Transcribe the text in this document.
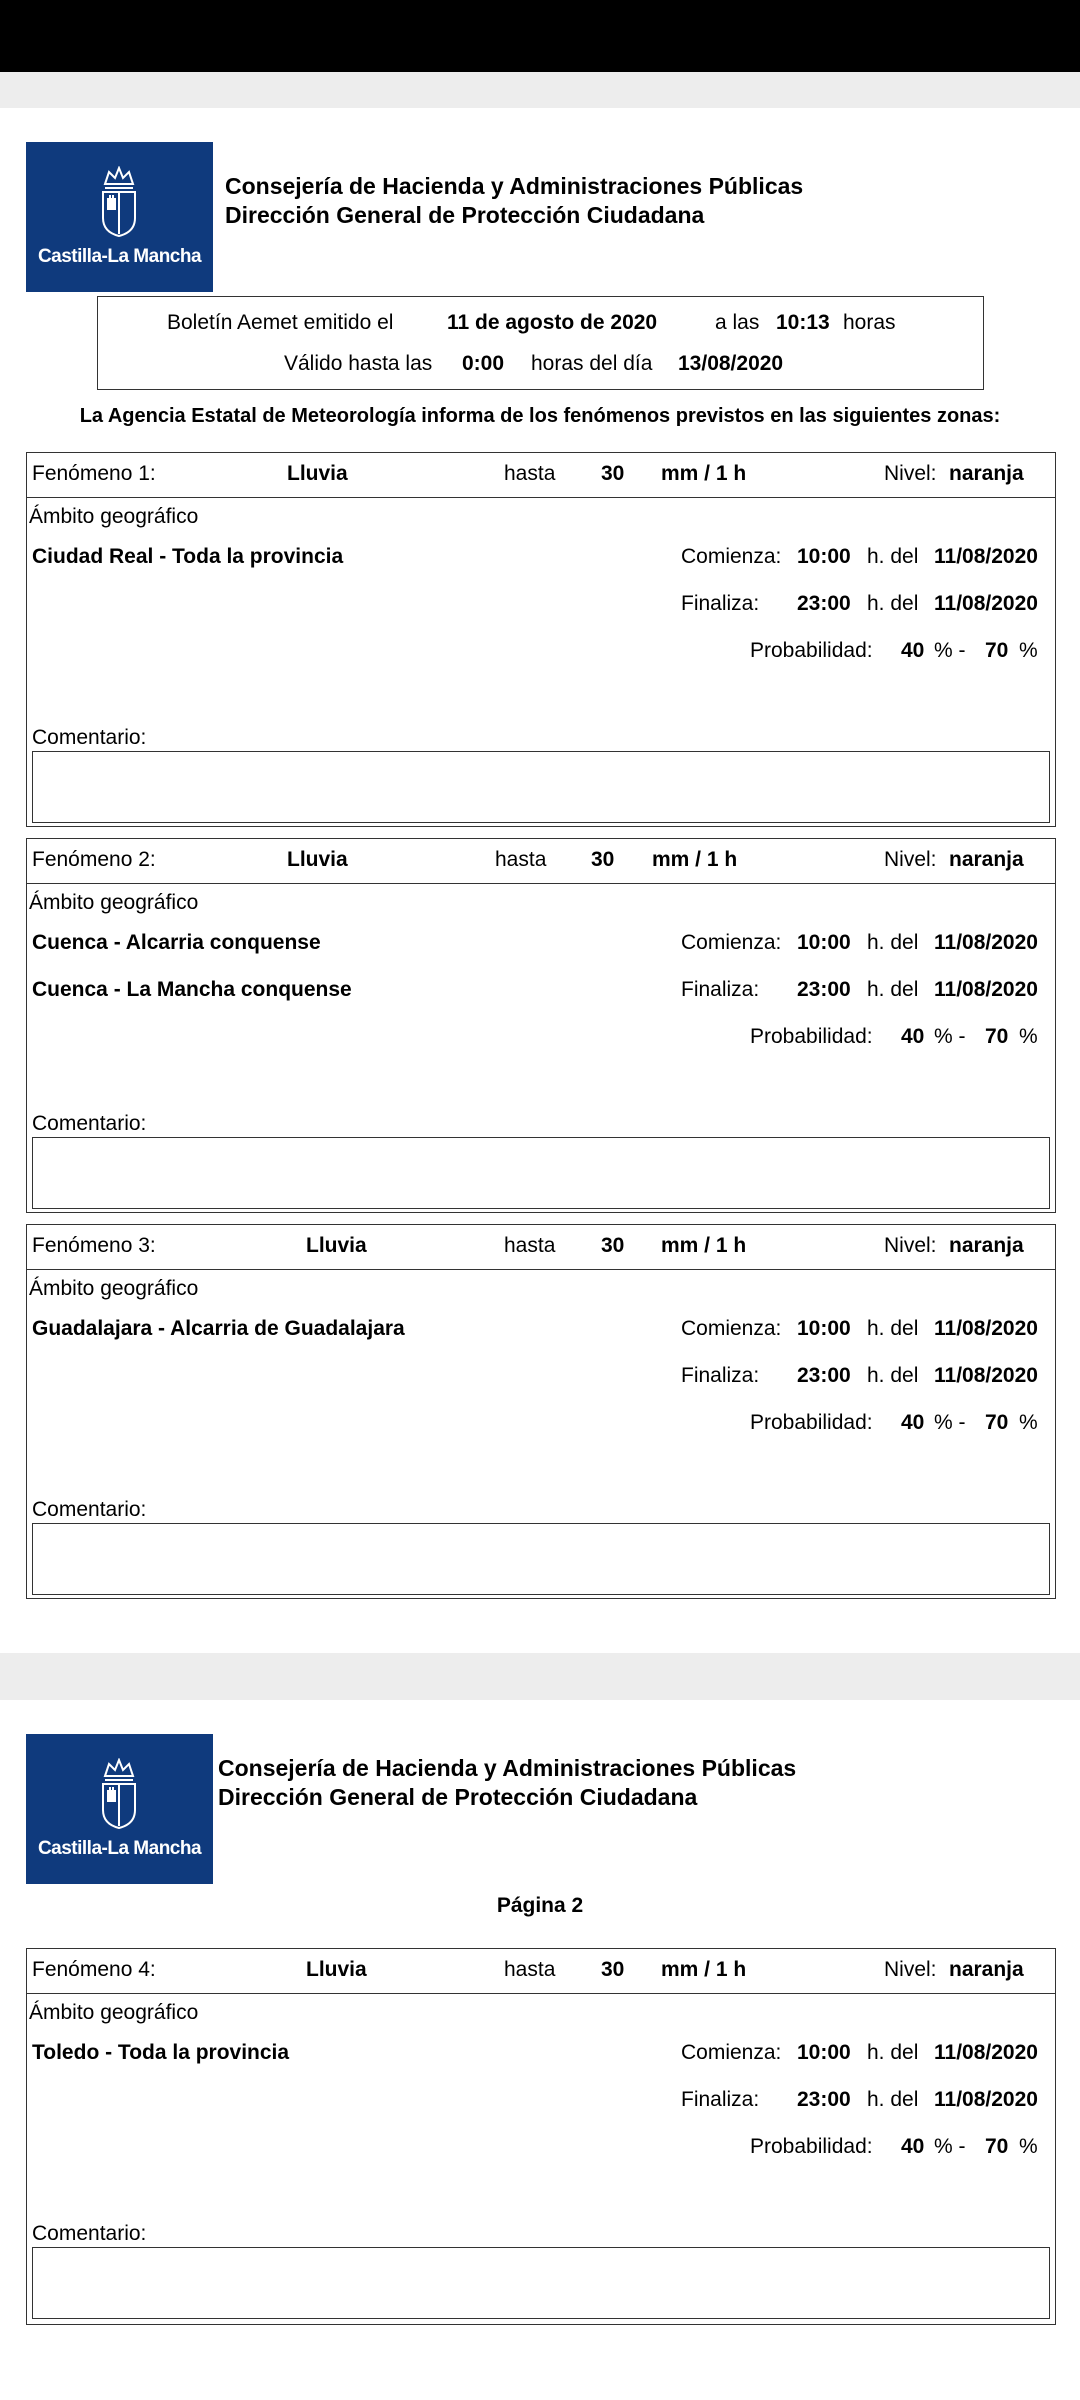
Castilla-La Mancha
Consejería de Hacienda y Administraciones Públicas
Dirección General de Protección Ciudadana
Boletín Aemet emitido el	11 de agosto de 2020	a las 10:13 horas
Válido hasta las 0:00 horas del día 13/08/2020
La Agencia Estatal de Meteorología informa de los fenómenos previstos en las siguientes zonas:
Fenómeno 1:	Lluvia	hasta 30 mm / 1 h	Nivel: naranja
Ámbito geográfico
Ciudad Real - Toda la provincia	Comienza: 10:00 h. del 11/08/2020
Finaliza: 23:00 h. del 11/08/2020
Probabilidad: 40 % - 70 %
Comentario:
Fenómeno 2:	Lluvia	hasta 30 mm / 1 h	Nivel: naranja
Ámbito geográfico
Cuenca - Alcarria conquense
Cuenca - La Mancha conquense
Comienza: 10:00 h. del 11/08/2020
Finaliza: 23:00 h. del 11/08/2020
Probabilidad: 40 % - 70 %
Comentario:
Fenómeno 3:	Lluvia	hasta 30 mm / 1 h	Nivel: naranja
Ámbito geográfico
Guadalajara - Alcarria de Guadalajara	Comienza: 10:00 h. del 11/08/2020
Finaliza: 23:00 h. del 11/08/2020
Probabilidad: 40 % - 70 %
Comentario:
Castilla-La Mancha
Consejería de Hacienda y Administraciones Públicas
Dirección General de Protección Ciudadana
Página 2
Fenómeno 4:	Lluvia	hasta 30 mm / 1 h	Nivel: naranja
Ámbito geográfico
Toledo - Toda la provincia	Comienza: 10:00 h. del 11/08/2020
Finaliza: 23:00 h. del 11/08/2020
Probabilidad: 40 % - 70 %
Comentario:
